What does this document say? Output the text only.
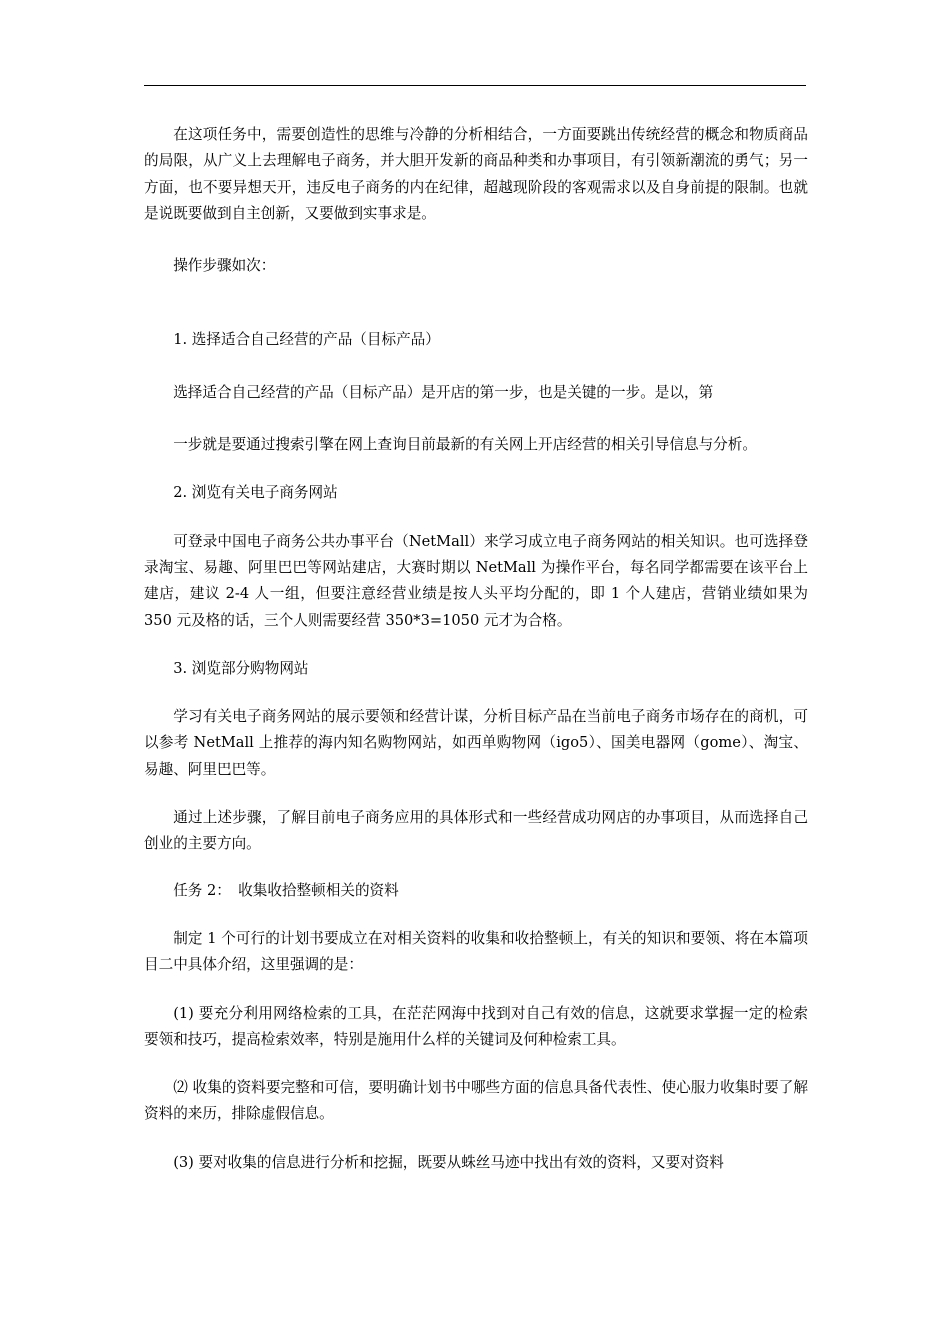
在这项任务中，需要创造性的思维与冷静的分析相结合，一方面要跳出传统经营的概念和物质商品的局限，从广义上去理解电子商务，并大胆开发新的商品种类和办事项目，有引领新潮流的勇气；另一方面，也不要异想天开，违反电子商务的内在纪律，超越现阶段的客观需求以及自身前提的限制。也就是说既要做到自主创新，又要做到实事求是。

操作步骤如次：

1. 选择适合自己经营的产品（目标产品）

选择适合自己经营的产品（目标产品）是开店的第一步，也是关键的一步。是以，第

一步就是要通过搜索引擎在网上查询目前最新的有关网上开店经营的相关引导信息与分析。

2. 浏览有关电子商务网站

可登录中国电子商务公共办事平台（NetMall）来学习成立电子商务网站的相关知识。也可选择登录淘宝、易趣、阿里巴巴等网站建店，大赛时期以 NetMall 为操作平台，每名同学都需要在该平台上建店，建议 2-4 人一组，但要注意经营业绩是按人头平均分配的，即 1 个人建店，营销业绩如果为 350 元及格的话，三个人则需要经营 350*3=1050 元才为合格。

3. 浏览部分购物网站

学习有关电子商务网站的展示要领和经营计谋，分析目标产品在当前电子商务市场存在的商机，可以参考 NetMall 上推荐的海内知名购物网站，如西单购物网（igo5）、国美电器网（gome）、淘宝、易趣、阿里巴巴等。

通过上述步骤，了解目前电子商务应用的具体形式和一些经营成功网店的办事项目，从而选择自己创业的主要方向。

任务 2：　收集收拾整顿相关的资料

制定 1 个可行的计划书要成立在对相关资料的收集和收拾整顿上，有关的知识和要领、将在本篇项目二中具体介绍，这里强调的是：

(1) 要充分利用网络检索的工具，在茫茫网海中找到对自己有效的信息，这就要求掌握一定的检索要领和技巧，提高检索效率，特别是施用什么样的关键词及何种检索工具。

⑵ 收集的资料要完整和可信，要明确计划书中哪些方面的信息具备代表性、使心服力收集时要了解资料的来历，排除虚假信息。

(3) 要对收集的信息进行分析和挖掘，既要从蛛丝马迹中找出有效的资料，又要对资料
